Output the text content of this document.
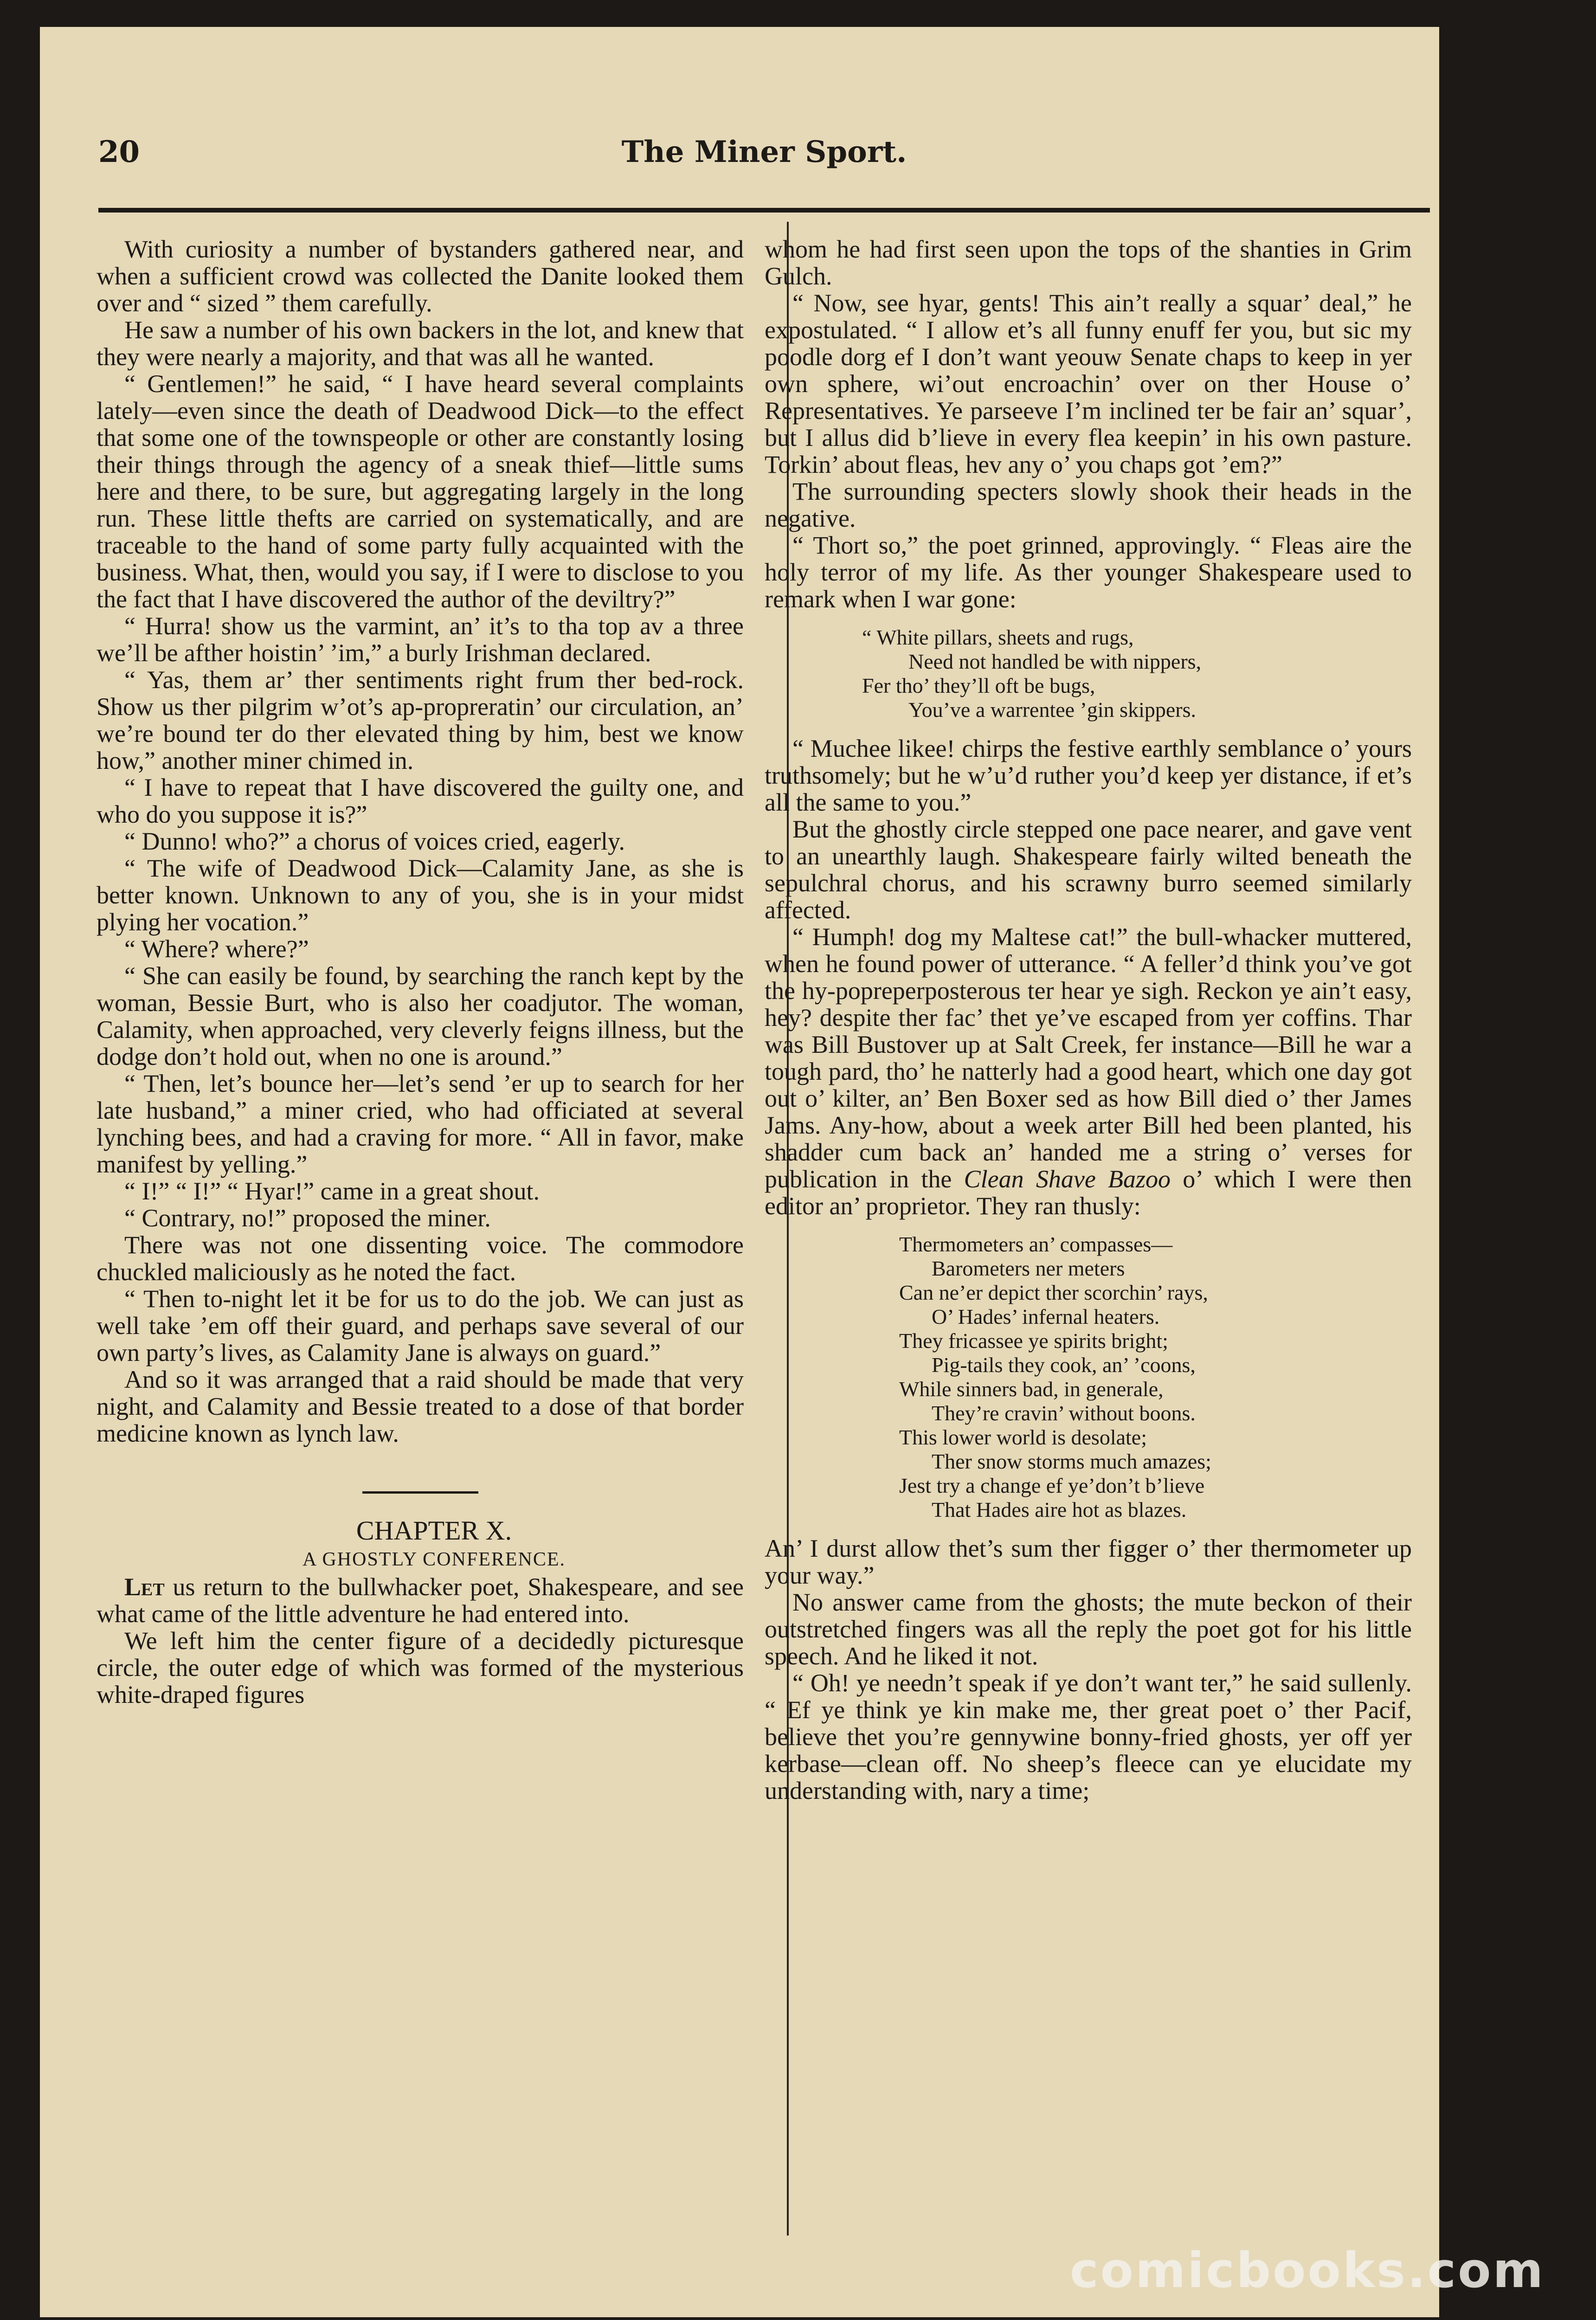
20	The Miner Sport.

With curiosity a number of bystanders gathered near, and when a sufficient crowd was collected the Danite looked them over and “ sized ” them carefully.

He saw a number of his own backers in the lot, and knew that they were nearly a majority, and that was all he wanted.

“ Gentlemen!” he said, “ I have heard several complaints lately—even since the death of Deadwood Dick—to the effect that some one of the townspeople or other are constantly losing their things through the agency of a sneak thief—little sums here and there, to be sure, but aggregating largely in the long run. These little thefts are carried on systematically, and are traceable to the hand of some party fully acquainted with the business. What, then, would you say, if I were to disclose to you the fact that I have discovered the author of the deviltry?”

“ Hurra! show us the varmint, an’ it’s to tha top av a three we’ll be afther hoistin’ ’im,” a burly Irishman declared.

“ Yas, them ar’ ther sentiments right frum ther bed-rock. Show us ther pilgrim w’ot’s ap-propreratin’ our circulation, an’ we’re bound ter do ther elevated thing by him, best we know how,” another miner chimed in.

“ I have to repeat that I have discovered the guilty one, and who do you suppose it is?”

“ Dunno! who?” a chorus of voices cried, eagerly.

“ The wife of Deadwood Dick—Calamity Jane, as she is better known. Unknown to any of you, she is in your midst plying her vocation.”

“ Where? where?”

“ She can easily be found, by searching the ranch kept by the woman, Bessie Burt, who is also her coadjutor. The woman, Calamity, when approached, very cleverly feigns illness, but the dodge don’t hold out, when no one is around.”

“ Then, let’s bounce her—let’s send ’er up to search for her late husband,” a miner cried, who had officiated at several lynching bees, and had a craving for more. “ All in favor, make manifest by yelling.”

“ I!” “ I!” “ Hyar!” came in a great shout.

“ Contrary, no!” proposed the miner.

There was not one dissenting voice. The commodore chuckled maliciously as he noted the fact.

“ Then to-night let it be for us to do the job. We can just as well take ’em off their guard, and perhaps save several of our own party’s lives, as Calamity Jane is always on guard.”

And so it was arranged that a raid should be made that very night, and Calamity and Bessie treated to a dose of that border medicine known as lynch law.

CHAPTER X.

A GHOSTLY CONFERENCE.

Let us return to the bullwhacker poet, Shakespeare, and see what came of the little adventure he had entered into.

We left him the center figure of a decidedly picturesque circle, the outer edge of which was formed of the mysterious white-draped figures

whom he had first seen upon the tops of the shanties in Grim Gulch.

“ Now, see hyar, gents! This ain’t really a squar’ deal,” he expostulated. “ I allow et’s all funny enuff fer you, but sic my poodle dorg ef I don’t want yeouw Senate chaps to keep in yer own sphere, wi’out encroachin’ over on ther House o’ Representatives. Ye parseeve I’m inclined ter be fair an’ squar’, but I allus did b’lieve in every flea keepin’ in his own pasture. Torkin’ about fleas, hev any o’ you chaps got ’em?”

The surrounding specters slowly shook their heads in the negative.

“ Thort so,” the poet grinned, approvingly. “ Fleas aire the holy terror of my life. As ther younger Shakespeare used to remark when I war gone:

“ White pillars, sheets and rugs,

Need not handled be with nippers,

Fer tho’ they’ll oft be bugs,

You’ve a warrentee ’gin skippers.

“ Muchee likee! chirps the festive earthly semblance o’ yours truthsomely; but he w’u’d ruther you’d keep yer distance, if et’s all the same to you.”

But the ghostly circle stepped one pace nearer, and gave vent to an unearthly laugh. Shakespeare fairly wilted beneath the sepulchral chorus, and his scrawny burro seemed similarly affected.

“ Humph! dog my Maltese cat!” the bull-whacker muttered, when he found power of utterance. “ A feller’d think you’ve got the hy-popreperposterous ter hear ye sigh. Reckon ye ain’t easy, hey? despite ther fac’ thet ye’ve escaped from yer coffins. Thar was Bill Bustover up at Salt Creek, fer instance—Bill he war a tough pard, tho’ he natterly had a good heart, which one day got out o’ kilter, an’ Ben Boxer sed as how Bill died o’ ther James Jams. Any-how, about a week arter Bill hed been planted, his shadder cum back an’ handed me a string o’ verses for publication in the Clean Shave Bazoo o’ which I were then editor an’ proprietor. They ran thusly:

Thermometers an’ compasses—

Barometers ner meters

Can ne’er depict ther scorchin’ rays,

O’ Hades’ infernal heaters.

They fricassee ye spirits bright;

Pig-tails they cook, an’ ’coons,

While sinners bad, in generale,

They’re cravin’ without boons.

This lower world is desolate;

Ther snow storms much amazes;

Jest try a change ef ye’don’t b’lieve

That Hades aire hot as blazes.

An’ I durst allow thet’s sum ther figger o’ ther thermometer up your way.”

No answer came from the ghosts; the mute beckon of their outstretched fingers was all the reply the poet got for his little speech. And he liked it not.

“ Oh! ye needn’t speak if ye don’t want ter,” he said sullenly. “ Ef ye think ye kin make me, ther great poet o’ ther Pacif, believe thet you’re gennywine bonny-fried ghosts, yer off yer kerbase—clean off. No sheep’s fleece can ye elucidate my understanding with, nary a time;

comicbooks.com
